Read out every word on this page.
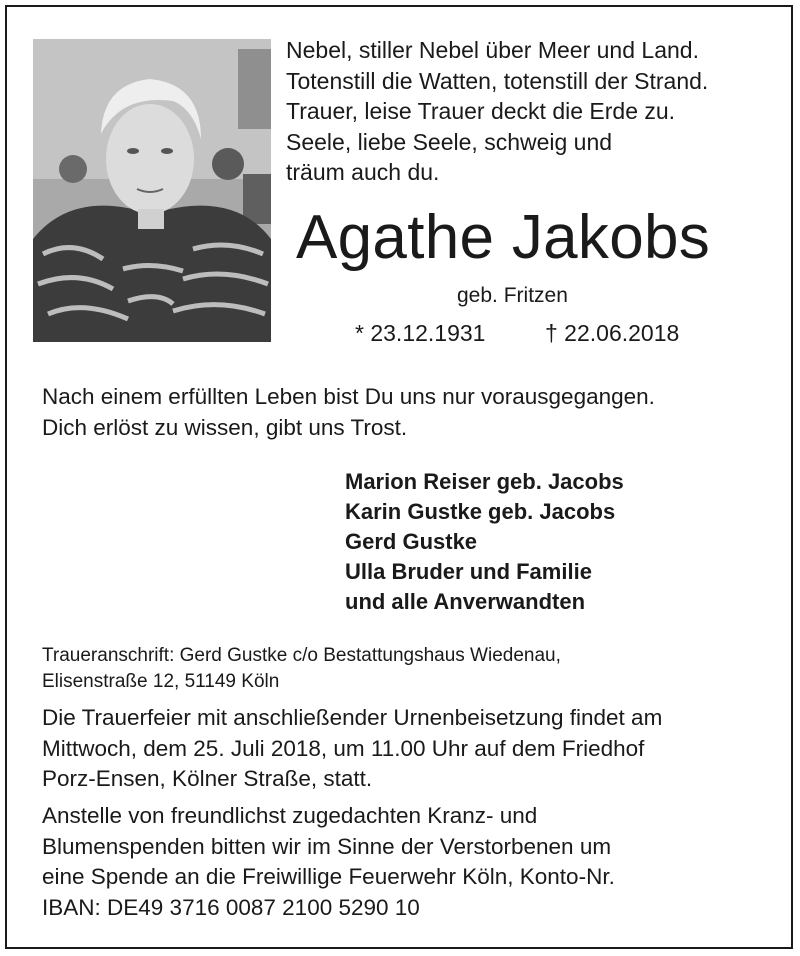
Nebel, stiller Nebel über Meer und Land.
Totenstill die Watten, totenstill der Strand.
Trauer, leise Trauer deckt die Erde zu.
Seele, liebe Seele, schweig und
träum auch du.
Agathe Jakobs
geb. Fritzen
* 23.12.1931	† 22.06.2018
Nach einem erfüllten Leben bist Du uns nur vorausgegangen.
Dich erlöst zu wissen, gibt uns Trost.
Marion Reiser geb. Jacobs
Karin Gustke geb. Jacobs
Gerd Gustke
Ulla Bruder und Familie
und alle Anverwandten
Traueranschrift: Gerd Gustke c/o Bestattungshaus Wiedenau,
Elisenstraße 12, 51149 Köln
Die Trauerfeier mit anschließender Urnenbeisetzung findet am
Mittwoch, dem 25. Juli 2018, um 11.00 Uhr auf dem Friedhof
Porz-Ensen, Kölner Straße, statt.
Anstelle von freundlichst zugedachten Kranz- und
Blumenspenden bitten wir im Sinne der Verstorbenen um
eine Spende an die Freiwillige Feuerwehr Köln, Konto-Nr.
IBAN: DE49 3716 0087 2100 5290 10
